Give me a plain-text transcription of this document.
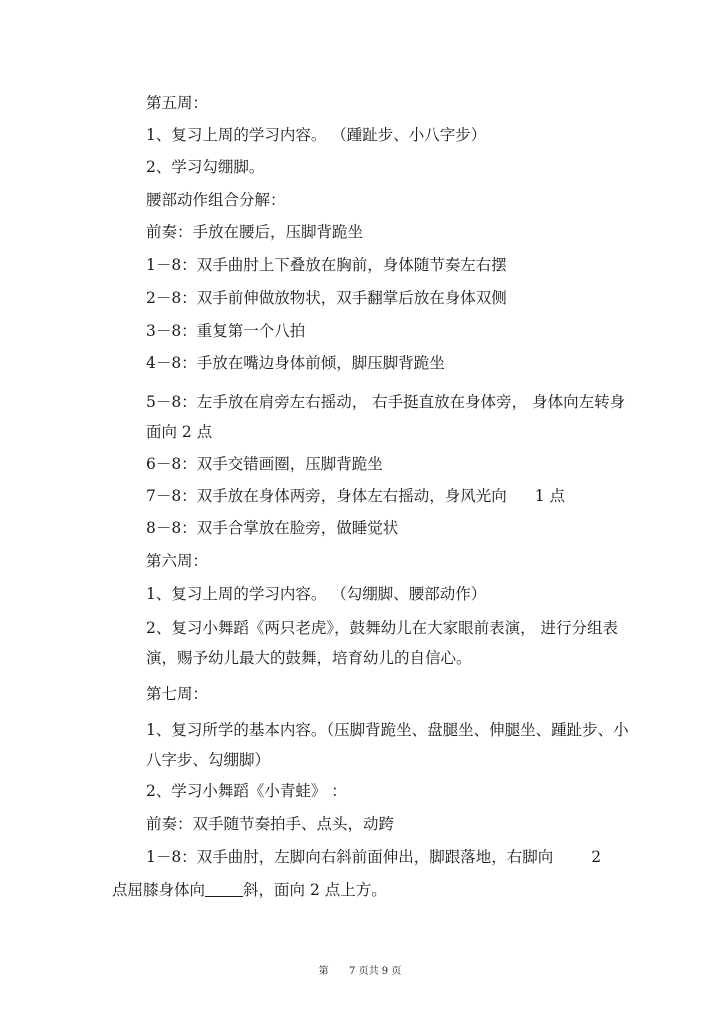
第五周：

1、复习上周的学习内容。 （踵趾步、小八字步）

2、学习勾绷脚。

腰部动作组合分解：

前奏：手放在腰后，压脚背跪坐

1－8：双手曲肘上下叠放在胸前，身体随节奏左右摆

2－8：双手前伸做放物状，双手翻掌后放在身体双侧

3－8：重复第一个八拍

4－8：手放在嘴边身体前倾，脚压脚背跪坐

5－8：左手放在肩旁左右摇动， 右手挺直放在身体旁， 身体向左转身面向 2 点

6－8：双手交错画圈，压脚背跪坐

7－8：双手放在身体两旁，身体左右摇动，身风光向 1 点

8－8：双手合掌放在脸旁，做睡觉状

第六周：

1、复习上周的学习内容。 （勾绷脚、腰部动作）

2、复习小舞蹈《两只老虎》，鼓舞幼儿在大家眼前表演， 进行分组表演，赐予幼儿最大的鼓舞，培育幼儿的自信心。

第七周：

1、复习所学的基本内容。（压脚背跪坐、盘腿坐、伸腿坐、踵趾步、小八字步、勾绷脚）

2、学习小舞蹈《小青蛙》 ：

前奏：双手随节奏拍手、点头，动跨

1－8：双手曲肘，左脚向右斜前面伸出，脚跟落地，右脚向 2

点屈膝身体向 斜，面向 2 点上方。

第 7 页共 9 页
